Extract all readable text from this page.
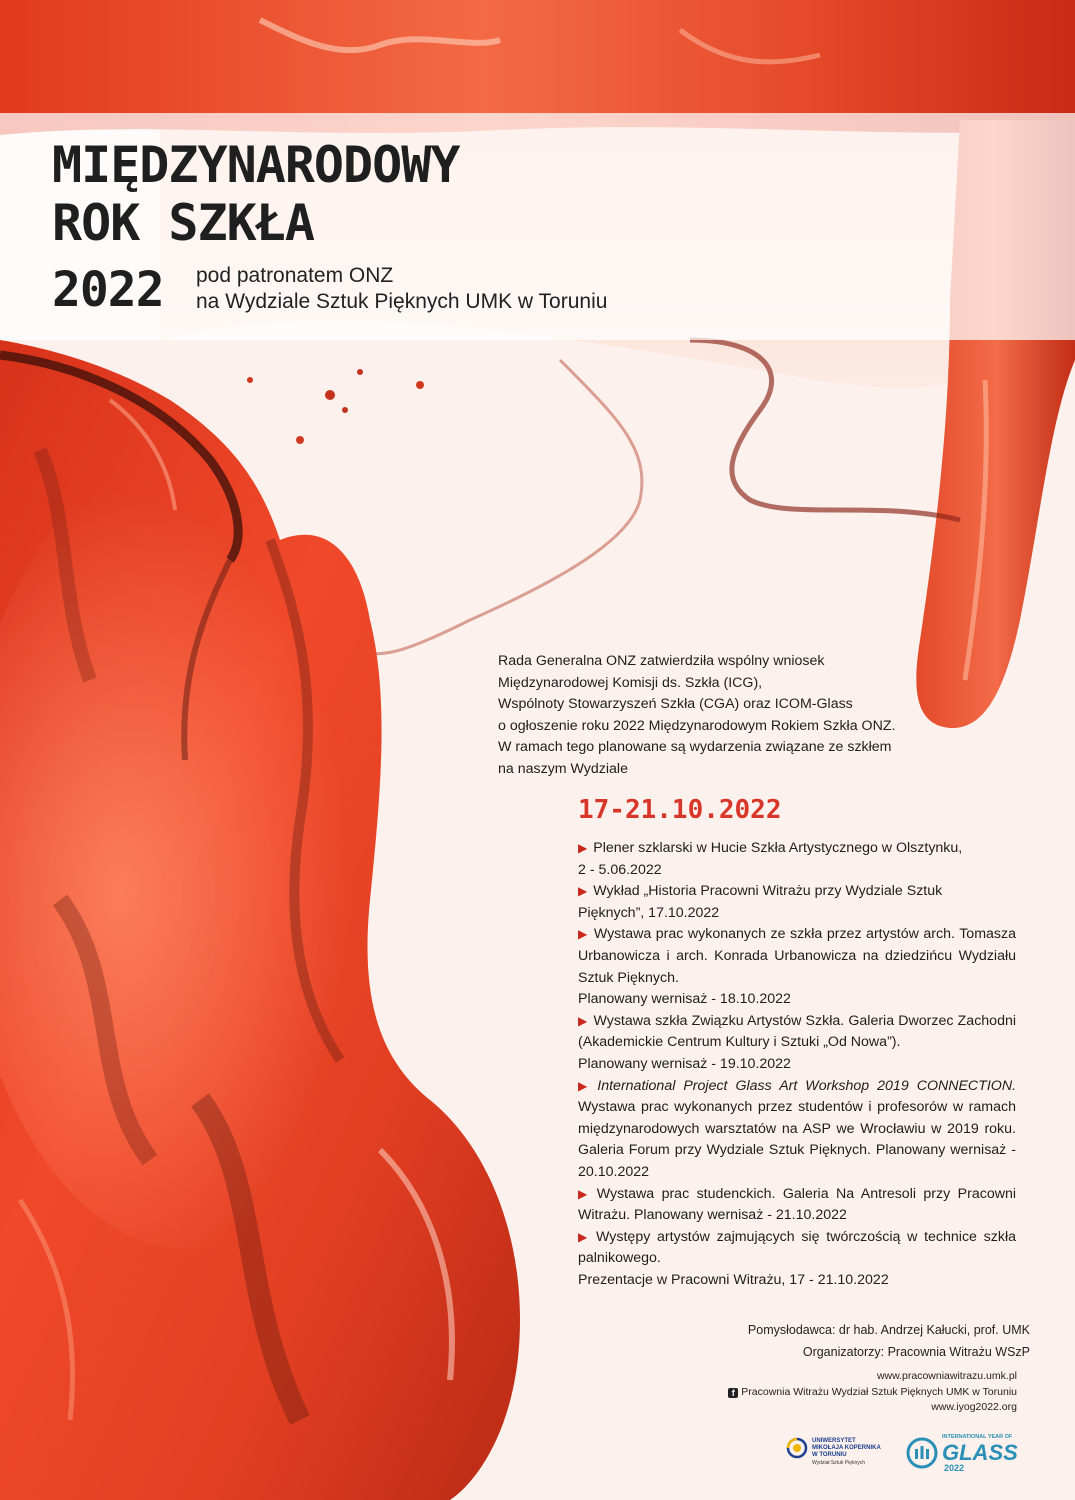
MIĘDZYNARODOWY
ROK SZKŁA
2022 pod patronatem ONZ
na Wydziale Sztuk Pięknych UMK w Toruniu
Rada Generalna ONZ zatwierdziła wspólny wniosek
Międzynarodowej Komisji ds. Szkła (ICG),
Wspólnoty Stowarzyszeń Szkła (CGA) oraz ICOM-Glass
o ogłoszenie roku 2022 Międzynarodowym Rokiem Szkła ONZ.
W ramach tego planowane są wydarzenia związane ze szkłem
na naszym Wydziale
17-21.10.2022
▶ Plener szklarski w Hucie Szkła Artystycznego w Olsztynku,
2 - 5.06.2022
▶ Wykład „Historia Pracowni Witrażu przy Wydziale Sztuk
Pięknych”, 17.10.2022
▶ Wystawa prac wykonanych ze szkła przez artystów arch. Tomasza Urbanowicza i arch. Konrada Urbanowicza na dziedzińcu Wydziału Sztuk Pięknych.
Planowany wernisaż - 18.10.2022
▶ Wystawa szkła Związku Artystów Szkła. Galeria Dworzec Zachodni (Akademickie Centrum Kultury i Sztuki „Od Nowa”).
Planowany wernisaż - 19.10.2022
▶ International Project Glass Art Workshop 2019 CONNECTION. Wystawa prac wykonanych przez studentów i profesorów w ramach międzynarodowych warsztatów na ASP we Wrocławiu w 2019 roku. Galeria Forum przy Wydziale Sztuk Pięknych. Planowany wernisaż - 20.10.2022
▶ Wystawa prac studenckich. Galeria Na Antresoli przy Pracowni Witrażu. Planowany wernisaż - 21.10.2022
▶ Występy artystów zajmujących się twórczością w technice szkła palnikowego.
Prezentacje w Pracowni Witrażu, 17 - 21.10.2022
Pomysłodawca: dr hab. Andrzej Kałucki, prof. UMK
Organizatorzy: Pracownia Witrażu WSzP
www.pracowniawitrazu.umk.pl
f Pracownia Witrażu Wydział Sztuk Pięknych UMK w Toruniu
www.iyog2022.org
UNIWERSYTET
MIKOŁAJA KOPERNIKA
W TORUNIU
Wydział Sztuk Pięknych
INTERNATIONAL YEAR OF
GLASS
2022
